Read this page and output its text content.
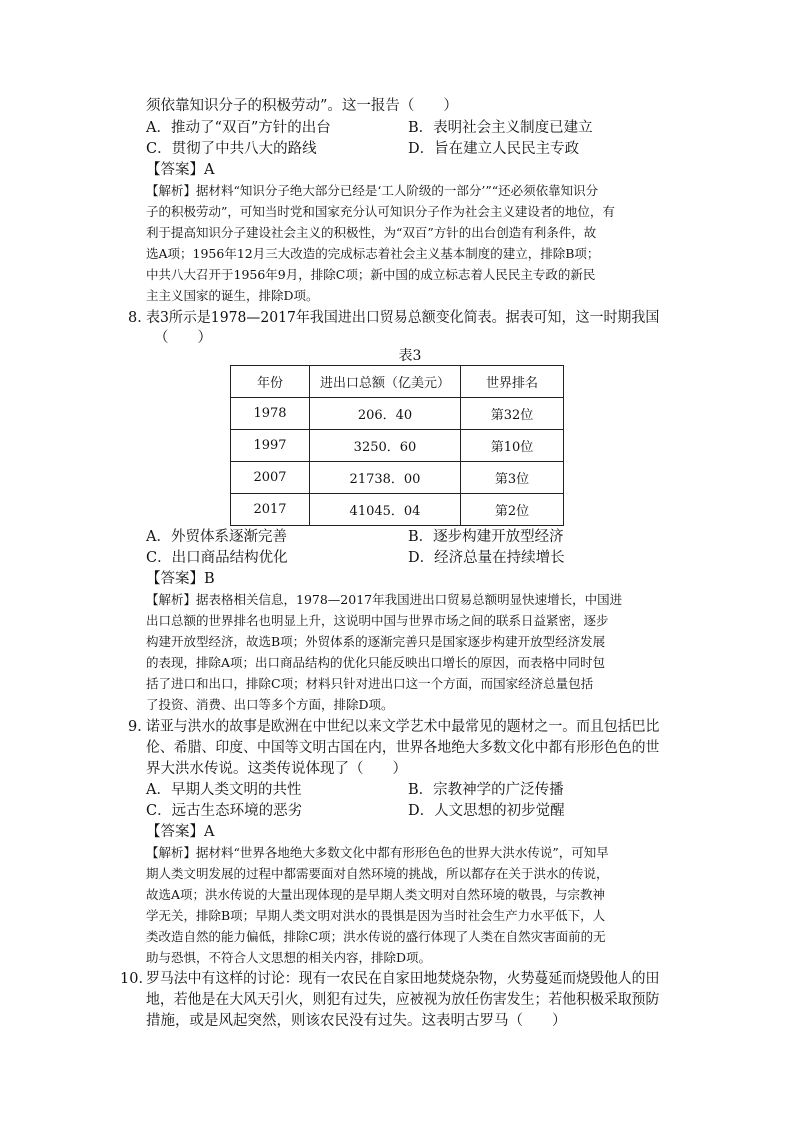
须依靠知识分子的积极劳动”。这一报告（　　）
A．推动了“双百”方针的出台	B．表明社会主义制度已建立
C．贯彻了中共八大的路线	D．旨在建立人民民主专政
【答案】A
【解析】据材料“知识分子绝大部分已经是‘工人阶级的一部分’”“还必须依靠知识分
子的积极劳动”，可知当时党和国家充分认可知识分子作为社会主义建设者的地位，有
利于提高知识分子建设社会主义的积极性，为“双百”方针的出台创造有利条件，故
选A项；1956年12月三大改造的完成标志着社会主义基本制度的建立，排除B项；
中共八大召开于1956年9月，排除C项；新中国的成立标志着人民民主专政的新民
主主义国家的诞生，排除D项。
8．
表3所示是1978—2017年我国进出口贸易总额变化简表。据表可知，这一时期我国
（　　）
表3
年份	进出口总额（亿美元）	世界排名
1978	206．40	第32位
1997	3250．60	第10位
2007	21738．00	第3位
2017	41045．04	第2位
A．外贸体系逐渐完善	B．逐步构建开放型经济
C．出口商品结构优化	D．经济总量在持续增长
【答案】B
【解析】据表格相关信息，1978—2017年我国进出口贸易总额明显快速增长，中国进
出口总额的世界排名也明显上升，这说明中国与世界市场之间的联系日益紧密，逐步
构建开放型经济，故选B项；外贸体系的逐渐完善只是国家逐步构建开放型经济发展
的表现，排除A项；出口商品结构的优化只能反映出口增长的原因，而表格中同时包
括了进口和出口，排除C项；材料只针对进出口这一个方面，而国家经济总量包括
了投资、消费、出口等多个方面，排除D项。
9．
诺亚与洪水的故事是欧洲在中世纪以来文学艺术中最常见的题材之一。而且包括巴比
伦、希腊、印度、中国等文明古国在内，世界各地绝大多数文化中都有形形色色的世
界大洪水传说。这类传说体现了（　　）
A．早期人类文明的共性	B．宗教神学的广泛传播
C．远古生态环境的恶劣	D．人文思想的初步觉醒
【答案】A
【解析】据材料“世界各地绝大多数文化中都有形形色色的世界大洪水传说”，可知早
期人类文明发展的过程中都需要面对自然环境的挑战，所以都存在关于洪水的传说，
故选A项；洪水传说的大量出现体现的是早期人类文明对自然环境的敬畏，与宗教神
学无关，排除B项；早期人类文明对洪水的畏惧是因为当时社会生产力水平低下，人
类改造自然的能力偏低，排除C项；洪水传说的盛行体现了人类在自然灾害面前的无
助与恐惧，不符合人文思想的相关内容，排除D项。
10．
罗马法中有这样的讨论：现有一农民在自家田地焚烧杂物，火势蔓延而烧毁他人的田
地，若他是在大风天引火，则犯有过失，应被视为放任伤害发生；若他积极采取预防
措施，或是风起突然，则该农民没有过失。这表明古罗马（　　）
